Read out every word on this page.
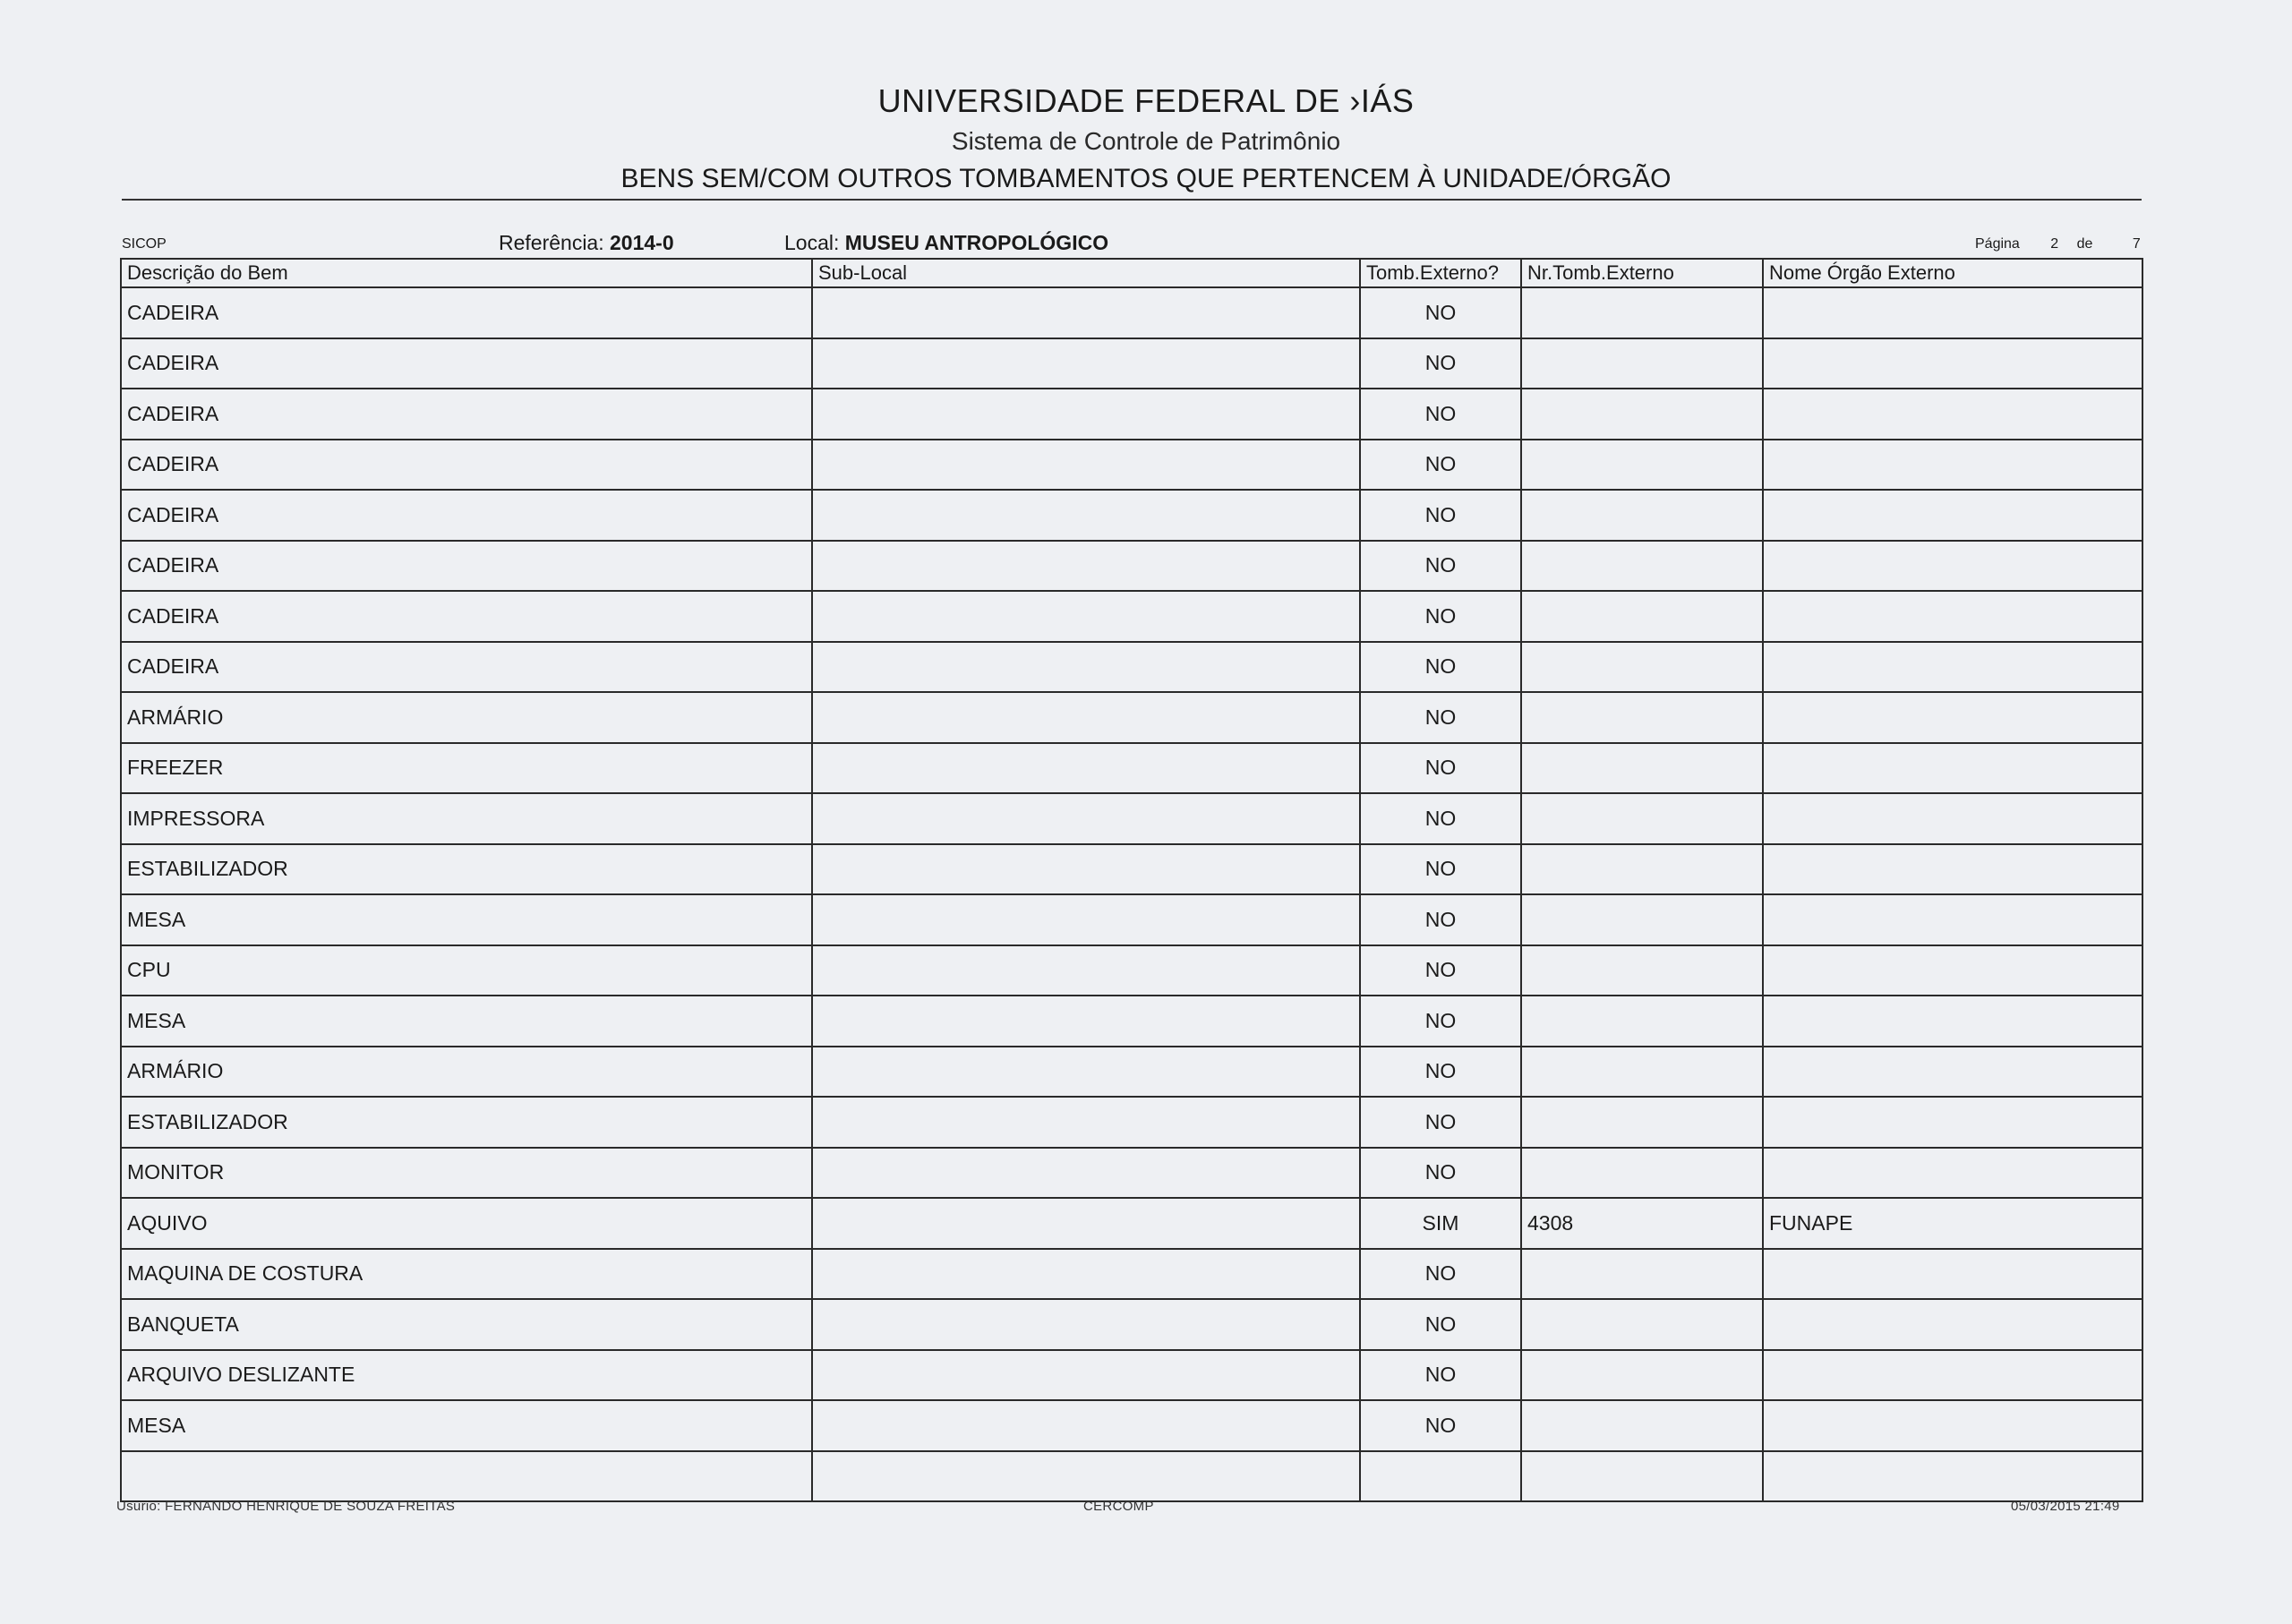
UNIVERSIDADE FEDERAL DE ›IÁS
Sistema de Controle de Patrimônio
BENS SEM/COM OUTROS TOMBAMENTOS QUE PERTENCEM À UNIDADE/ÓRGÃO
SICOP	Referência: 2014-0	Local: MUSEU ANTROPOLÓGICO	Página 2 de	7
Descrição do Bem	Sub-Local	Tomb.Externo?	Nr.Tomb.Externo	Nome Órgão Externo
CADEIRA		NO		
CADEIRA		NO		
CADEIRA		NO		
CADEIRA		NO		
CADEIRA		NO		
CADEIRA		NO		
CADEIRA		NO		
CADEIRA		NO		
ARMÁRIO		NO		
FREEZER		NO		
IMPRESSORA		NO		
ESTABILIZADOR		NO		
MESA		NO		
CPU		NO		
MESA		NO		
ARMÁRIO		NO		
ESTABILIZADOR		NO		
MONITOR		NO		
AQUIVO		SIM	4308	FUNAPE
MAQUINA DE COSTURA		NO		
BANQUETA		NO		
ARQUIVO DESLIZANTE		NO		
MESA		NO		

Usurio: FERNANDO HENRIQUE DE SOUZA FREITAS	CERCOMP	05/03/2015 21:49
